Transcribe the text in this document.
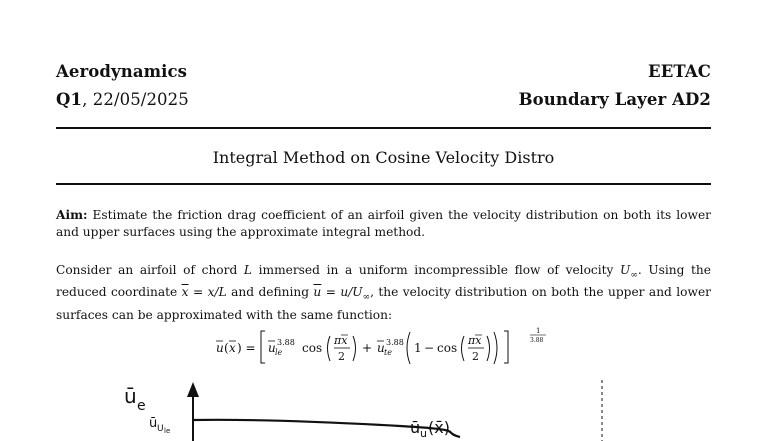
Aerodynamics	EETAC
Q1, 22/05/2025	Boundary Layer AD2
Integral Method on Cosine Velocity Distro
Aim: Estimate the friction drag coefficient of an airfoil given the velocity distribution on both its lower and upper surfaces using the approximate integral method.
Consider an airfoil of chord L immersed in a uniform incompressible flow of velocity $U_\infty$. Using the reduced coordinate $\overline{x} = x/L$ and defining $\overline{u} = u/U_\infty$, the velocity distribution on both the upper and lower surfaces can be approximated with the same function:
u ( x ) = u le
3.88 cos
πx
2
+ u te
3.88 1 − cos
πx
2
1
3.88
ū e
ū U le	ū u (x̄)
